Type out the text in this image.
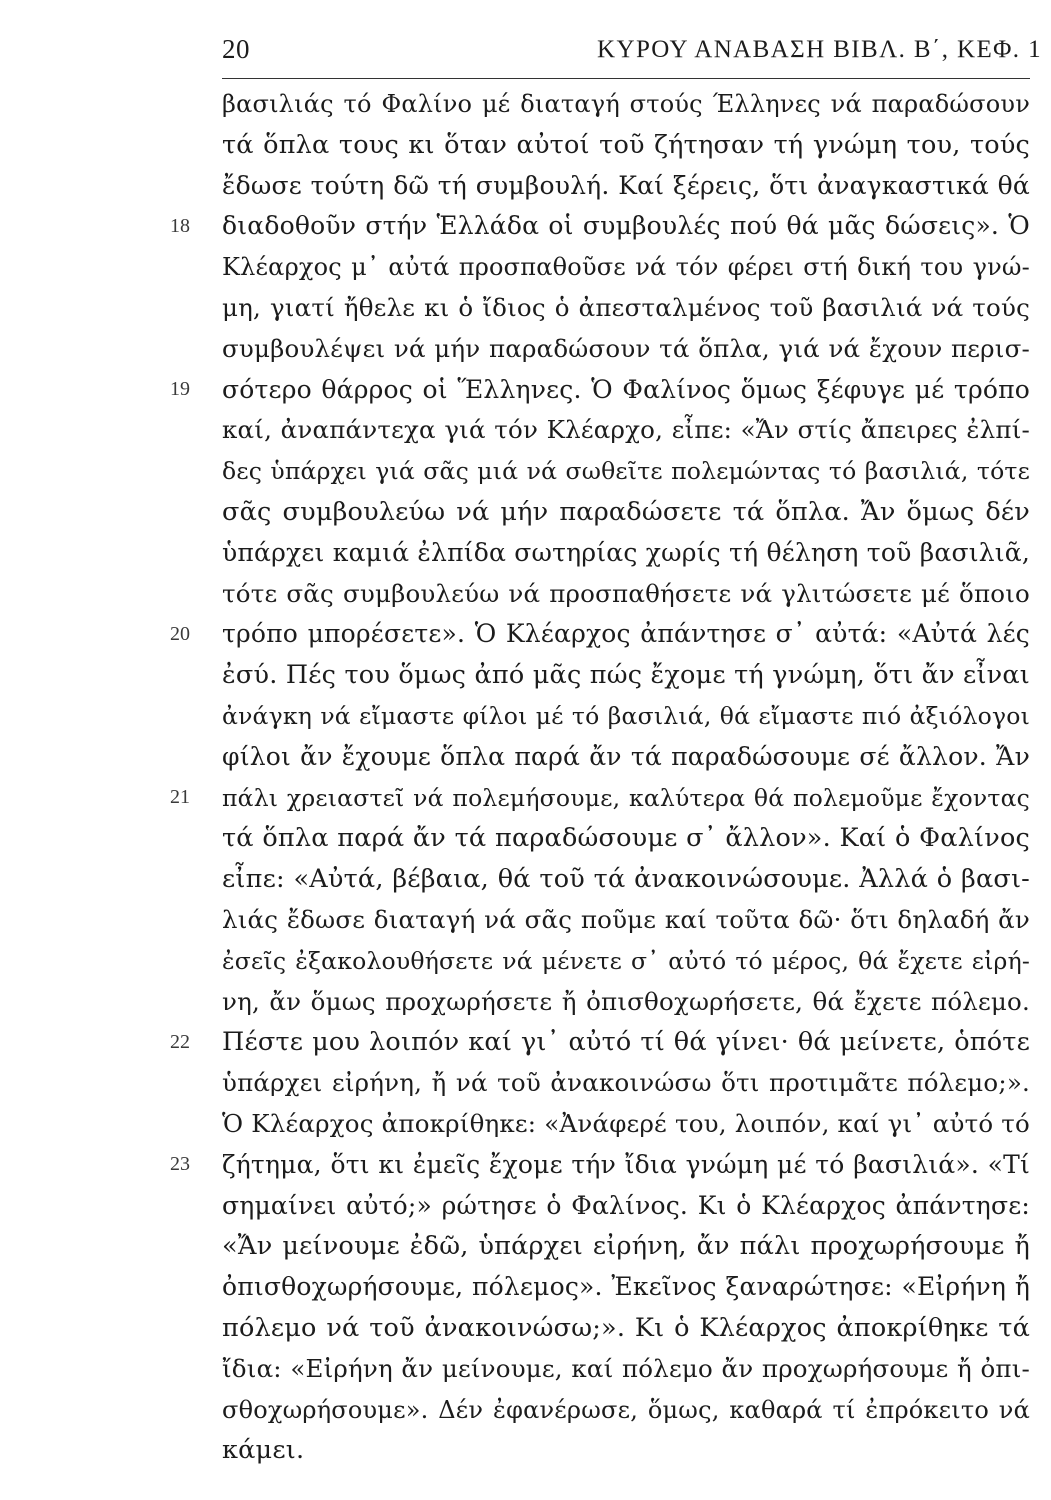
20	ΚΥΡΟΥ ΑΝΑΒΑΣΗ ΒΙΒΛ. Β΄, ΚΕΦ. 1
18
19
20
21
22
23
βασιλιάς τό Φαλίνο μέ διαταγή στούς Έλληνες νά παραδώσουν
τά ὅπλα τους κι ὅταν αὐτοί τοῦ ζήτησαν τή γνώμη του, τούς
ἔδωσε τούτη δῶ τή συμβουλή. Καί ξέρεις, ὅτι ἀναγκαστικά θά
διαδοθοῦν στήν Ἑλλάδα οἱ συμβουλές πού θά μᾶς δώσεις». Ὁ
Κλέαρχος μ᾽ αὐτά προσπαθοῦσε νά τόν φέρει στή δική του γνώ-
μη, γιατί ἤθελε κι ὁ ἴδιος ὁ ἀπεσταλμένος τοῦ βασιλιά νά τούς
συμβουλέψει νά μήν παραδώσουν τά ὅπλα, γιά νά ἔχουν περισ-
σότερο θάρρος οἱ Ἕλληνες. Ὁ Φαλίνος ὅμως ξέφυγε μέ τρόπο
καί, ἀναπάντεχα γιά τόν Κλέαρχο, εἶπε: «Ἄν στίς ἄπειρες ἐλπί-
δες ὑπάρχει γιά σᾶς μιά νά σωθεῖτε πολεμώντας τό βασιλιά, τότε
σᾶς συμβουλεύω νά μήν παραδώσετε τά ὅπλα. Ἄν ὅμως δέν
ὑπάρχει καμιά ἐλπίδα σωτηρίας χωρίς τή θέληση τοῦ βασιλιᾶ,
τότε σᾶς συμβουλεύω νά προσπαθήσετε νά γλιτώσετε μέ ὅποιο
τρόπο μπορέσετε». Ὁ Κλέαρχος ἀπάντησε σ᾽ αὐτά: «Αὐτά λές
ἐσύ. Πές του ὅμως ἀπό μᾶς πώς ἔχομε τή γνώμη, ὅτι ἄν εἶναι
ἀνάγκη νά εἴμαστε φίλοι μέ τό βασιλιά, θά εἴμαστε πιό ἀξιόλογοι
φίλοι ἄν ἔχουμε ὅπλα παρά ἄν τά παραδώσουμε σέ ἄλλον. Ἄν
πάλι χρειαστεῖ νά πολεμήσουμε, καλύτερα θά πολεμοῦμε ἔχοντας
τά ὅπλα παρά ἄν τά παραδώσουμε σ᾽ ἄλλον». Καί ὁ Φαλίνος
εἶπε: «Αὐτά, βέβαια, θά τοῦ τά ἀνακοινώσουμε. Ἀλλά ὁ βασι-
λιάς ἔδωσε διαταγή νά σᾶς ποῦμε καί τοῦτα δῶ· ὅτι δηλαδή ἄν
ἐσεῖς ἐξακολουθήσετε νά μένετε σ᾽ αὐτό τό μέρος, θά ἔχετε εἰρή-
νη, ἄν ὅμως προχωρήσετε ἤ ὀπισθοχωρήσετε, θά ἔχετε πόλεμο.
Πέστε μου λοιπόν καί γι᾽ αὐτό τί θά γίνει· θά μείνετε, ὁπότε
ὑπάρχει εἰρήνη, ἤ νά τοῦ ἀνακοινώσω ὅτι προτιμᾶτε πόλεμο;».
Ὁ Κλέαρχος ἀποκρίθηκε: «Ἀνάφερέ του, λοιπόν, καί γι᾽ αὐτό τό
ζήτημα, ὅτι κι ἐμεῖς ἔχομε τήν ἴδια γνώμη μέ τό βασιλιά». «Τί
σημαίνει αὐτό;» ρώτησε ὁ Φαλίνος. Κι ὁ Κλέαρχος ἀπάντησε:
«Ἄν μείνουμε ἐδῶ, ὑπάρχει εἰρήνη, ἄν πάλι προχωρήσουμε ἤ
ὀπισθοχωρήσουμε, πόλεμος». Ἐκεῖνος ξαναρώτησε: «Εἰρήνη ἤ
πόλεμο νά τοῦ ἀνακοινώσω;». Κι ὁ Κλέαρχος ἀποκρίθηκε τά
ἴδια: «Εἰρήνη ἄν μείνουμε, καί πόλεμο ἄν προχωρήσουμε ἤ ὀπι-
σθοχωρήσουμε». Δέν ἐφανέρωσε, ὅμως, καθαρά τί ἐπρόκειτο νά
κάμει.
